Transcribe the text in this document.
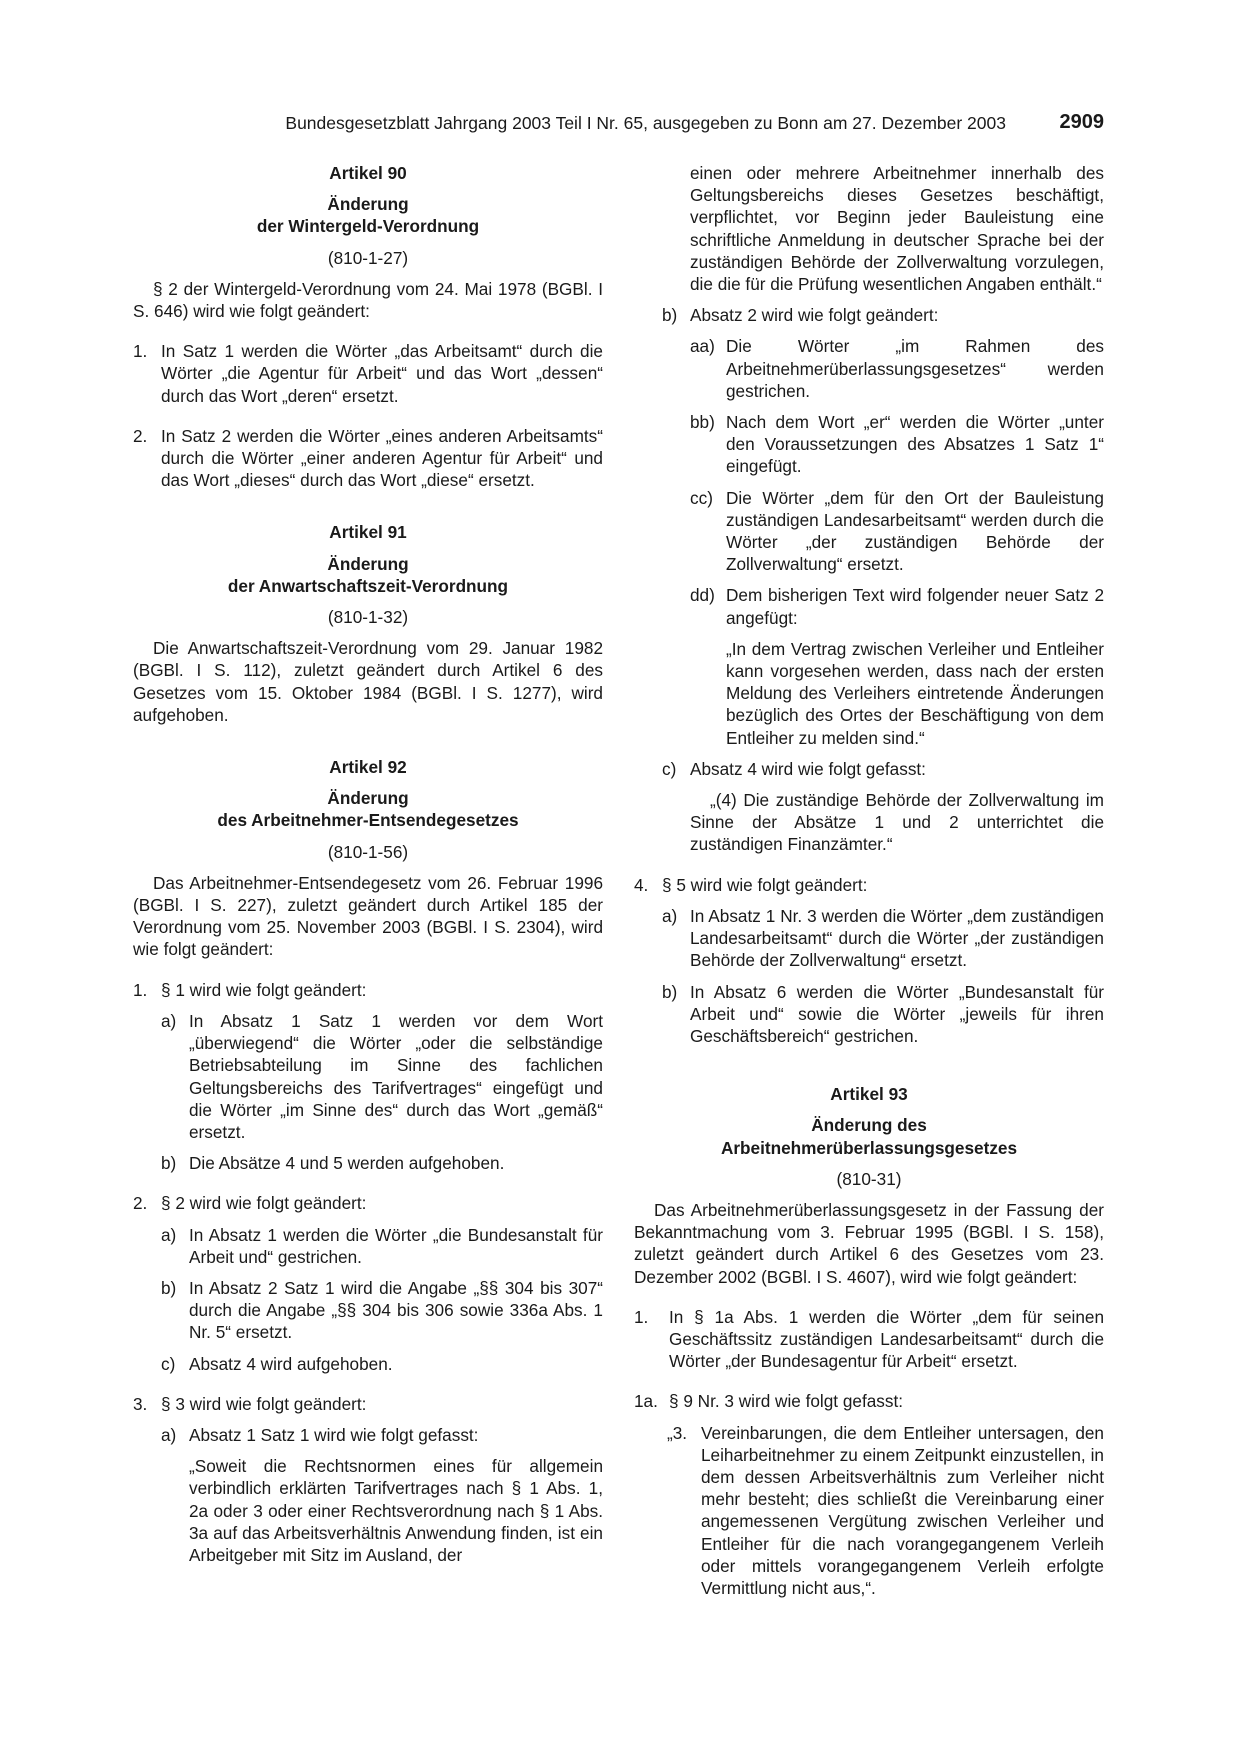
Bundesgesetzblatt Jahrgang 2003 Teil I Nr. 65, ausgegeben zu Bonn am 27. Dezember 2003	2909

Artikel 90

Änderung

der Wintergeld-Verordnung

(810-1-27)

§ 2 der Wintergeld-Verordnung vom 24. Mai 1978 (BGBl. I S. 646) wird wie folgt geändert:

1. In Satz 1 werden die Wörter „das Arbeitsamt“ durch die Wörter „die Agentur für Arbeit“ und das Wort „dessen“ durch das Wort „deren“ ersetzt.
2. In Satz 2 werden die Wörter „eines anderen Arbeitsamts“ durch die Wörter „einer anderen Agentur für Arbeit“ und das Wort „dieses“ durch das Wort „diese“ ersetzt.

Artikel 91

Änderung

der Anwartschaftszeit-Verordnung

(810-1-32)

Die Anwartschaftszeit-Verordnung vom 29. Januar 1982 (BGBl. I S. 112), zuletzt geändert durch Artikel 6 des Gesetzes vom 15. Oktober 1984 (BGBl. I S. 1277), wird aufgehoben.

Artikel 92

Änderung

des Arbeitnehmer-Entsendegesetzes

(810-1-56)

Das Arbeitnehmer-Entsendegesetz vom 26. Februar 1996 (BGBl. I S. 227), zuletzt geändert durch Artikel 185 der Verordnung vom 25. November 2003 (BGBl. I S. 2304), wird wie folgt geändert:

1. § 1 wird wie folgt geändert:
a) In Absatz 1 Satz 1 werden vor dem Wort „überwiegend“ die Wörter „oder die selbständige Betriebsabteilung im Sinne des fachlichen Geltungsbereichs des Tarifvertrages“ eingefügt und die Wörter „im Sinne des“ durch das Wort „gemäß“ ersetzt.
b) Die Absätze 4 und 5 werden aufgehoben.
2. § 2 wird wie folgt geändert:
a) In Absatz 1 werden die Wörter „die Bundesanstalt für Arbeit und“ gestrichen.
b) In Absatz 2 Satz 1 wird die Angabe „§§ 304 bis 307“ durch die Angabe „§§ 304 bis 306 sowie 336a Abs. 1 Nr. 5“ ersetzt.
c) Absatz 4 wird aufgehoben.
3. § 3 wird wie folgt geändert:
a) Absatz 1 Satz 1 wird wie folgt gefasst:

„Soweit die Rechtsnormen eines für allgemein verbindlich erklärten Tarifvertrages nach § 1 Abs. 1, 2a oder 3 oder einer Rechtsverordnung nach § 1 Abs. 3a auf das Arbeitsverhältnis Anwendung finden, ist ein Arbeitgeber mit Sitz im Ausland, der

einen oder mehrere Arbeitnehmer innerhalb des Geltungsbereichs dieses Gesetzes beschäftigt, verpflichtet, vor Beginn jeder Bauleistung eine schriftliche Anmeldung in deutscher Sprache bei der zuständigen Behörde der Zollverwaltung vorzulegen, die die für die Prüfung wesentlichen Angaben enthält.“

b) Absatz 2 wird wie folgt geändert:
aa) Die Wörter „im Rahmen des Arbeitnehmerüberlassungsgesetzes“ werden gestrichen.
bb) Nach dem Wort „er“ werden die Wörter „unter den Voraussetzungen des Absatzes 1 Satz 1“ eingefügt.
cc) Die Wörter „dem für den Ort der Bauleistung zuständigen Landesarbeitsamt“ werden durch die Wörter „der zuständigen Behörde der Zollverwaltung“ ersetzt.
dd) Dem bisherigen Text wird folgender neuer Satz 2 angefügt:

„In dem Vertrag zwischen Verleiher und Entleiher kann vorgesehen werden, dass nach der ersten Meldung des Verleihers eintretende Änderungen bezüglich des Ortes der Beschäftigung von dem Entleiher zu melden sind.“

c) Absatz 4 wird wie folgt gefasst:

„(4) Die zuständige Behörde der Zollverwaltung im Sinne der Absätze 1 und 2 unterrichtet die zuständigen Finanzämter.“

4. § 5 wird wie folgt geändert:
a) In Absatz 1 Nr. 3 werden die Wörter „dem zuständigen Landesarbeitsamt“ durch die Wörter „der zuständigen Behörde der Zollverwaltung“ ersetzt.
b) In Absatz 6 werden die Wörter „Bundesanstalt für Arbeit und“ sowie die Wörter „jeweils für ihren Geschäftsbereich“ gestrichen.

Artikel 93

Änderung des

Arbeitnehmerüberlassungsgesetzes

(810-31)

Das Arbeitnehmerüberlassungsgesetz in der Fassung der Bekanntmachung vom 3. Februar 1995 (BGBl. I S. 158), zuletzt geändert durch Artikel 6 des Gesetzes vom 23. Dezember 2002 (BGBl. I S. 4607), wird wie folgt geändert:

1.	In § 1a Abs. 1 werden die Wörter „dem für seinen Geschäftssitz zuständigen Landesarbeitsamt“ durch die Wörter „der Bundesagentur für Arbeit“ ersetzt.
1a. § 9 Nr. 3 wird wie folgt gefasst:
„3. Vereinbarungen, die dem Entleiher untersagen, den Leiharbeitnehmer zu einem Zeitpunkt einzustellen, in dem dessen Arbeitsverhältnis zum Verleiher nicht mehr besteht; dies schließt die Vereinbarung einer angemessenen Vergütung zwischen Verleiher und Entleiher für die nach vorangegangenem Verleih oder mittels vorangegangenem Verleih erfolgte Vermittlung nicht aus,“.
